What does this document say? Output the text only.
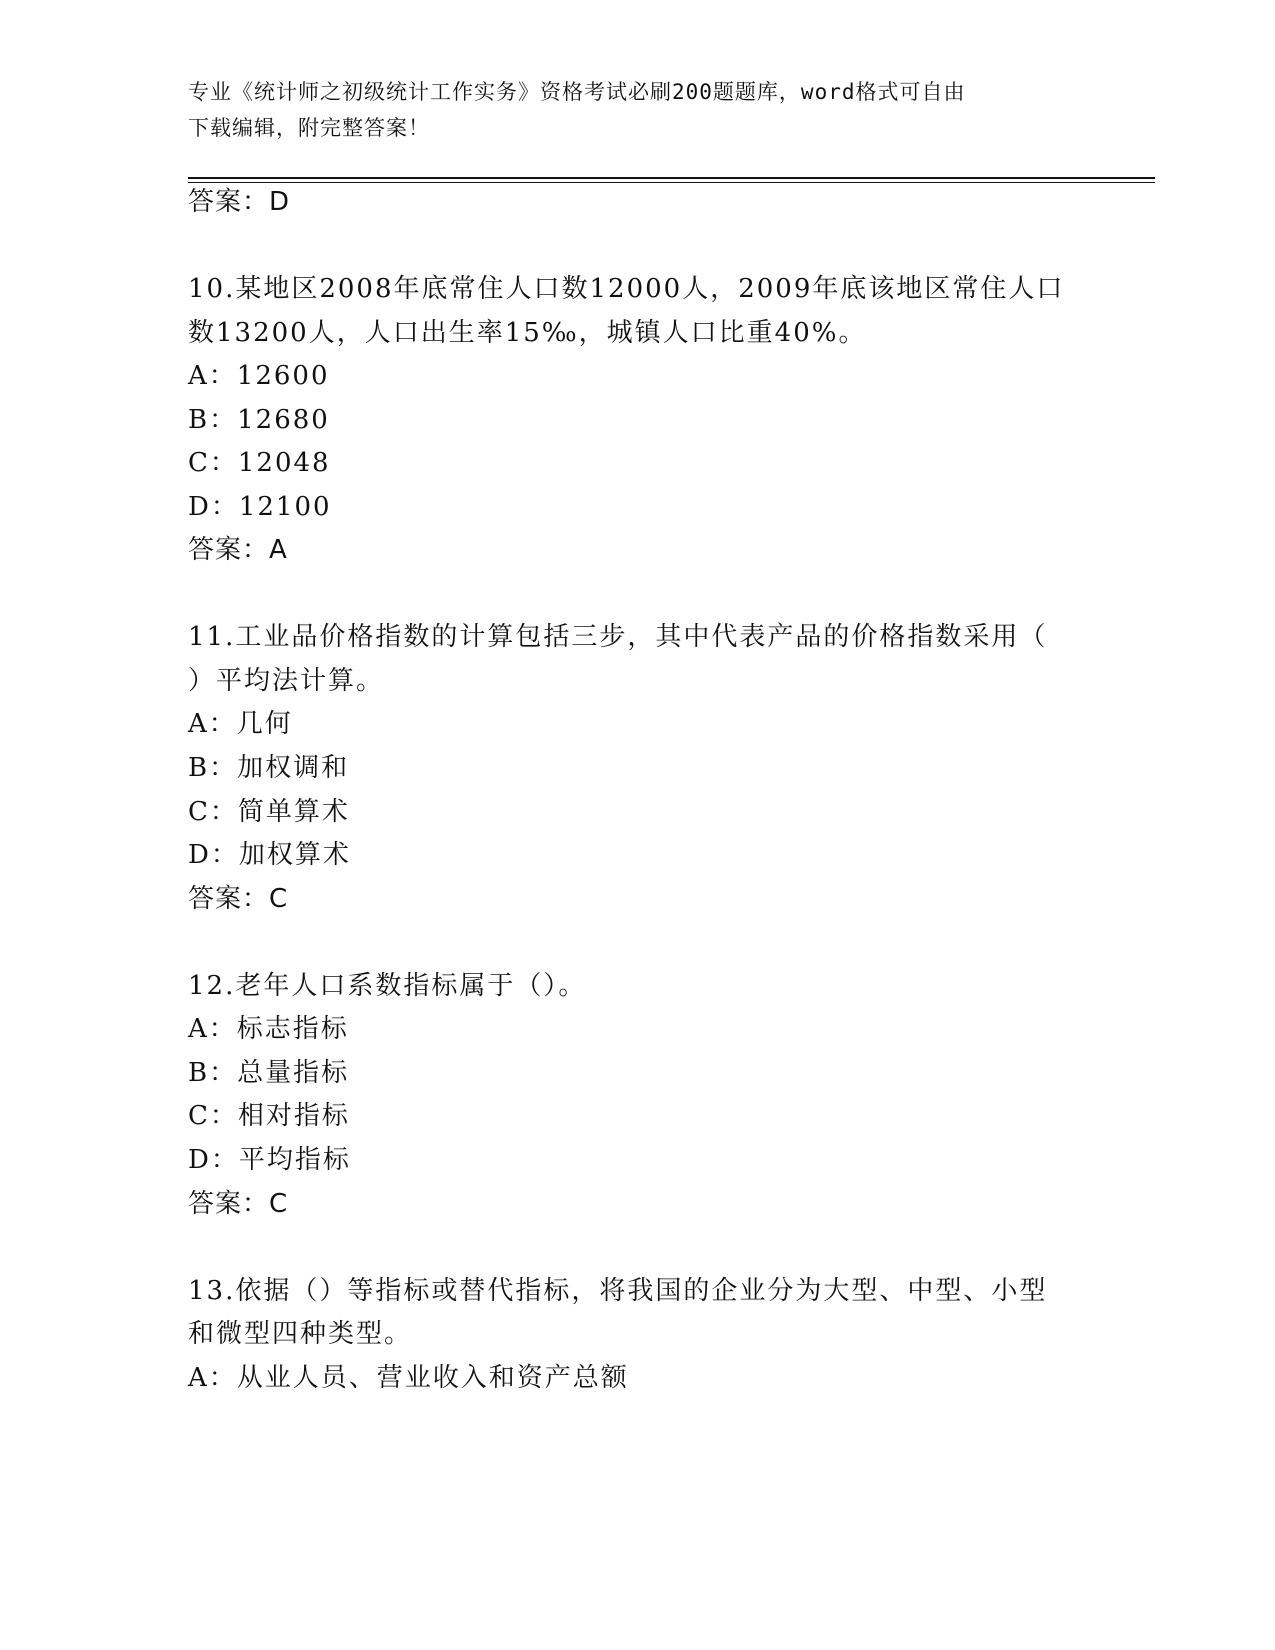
专业《统计师之初级统计工作实务》资格考试必刷200题题库，word格式可自由
下载编辑，附完整答案！
答案：D
10.某地区2008年底常住人口数12000人，2009年底该地区常住人口
数13200人，人口出生率15‰，城镇人口比重40%。
A：12600
B：12680
C：12048
D：12100
答案：A
11.工业品价格指数的计算包括三步，其中代表产品的价格指数采用（
）平均法计算。
A：几何
B：加权调和
C：简单算术
D：加权算术
答案：C
12.老年人口系数指标属于（）。
A：标志指标
B：总量指标
C：相对指标
D：平均指标
答案：C
13.依据（）等指标或替代指标，将我国的企业分为大型、中型、小型
和微型四种类型。
A：从业人员、营业收入和资产总额
